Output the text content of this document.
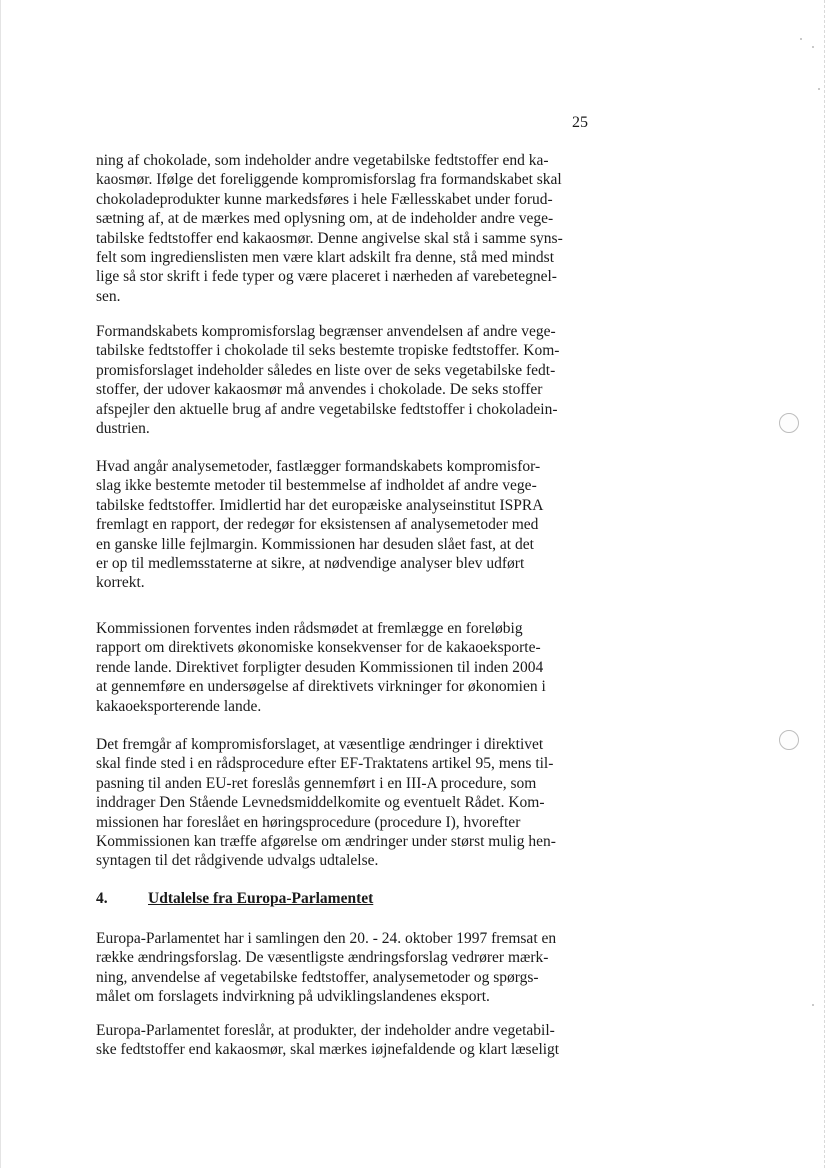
25
ning af chokolade, som indeholder andre vegetabilske fedtstoffer end ka-
kaosmør. Ifølge det foreliggende kompromisforslag fra formandskabet skal
chokoladeprodukter kunne markedsføres i hele Fællesskabet under forud-
sætning af, at de mærkes med oplysning om, at de indeholder andre vege-
tabilske fedtstoffer end kakaosmør. Denne angivelse skal stå i samme syns-
felt som ingredienslisten men være klart adskilt fra denne, stå med mindst
lige så stor skrift i fede typer og være placeret i nærheden af varebetegnel-
sen.
Formandskabets kompromisforslag begrænser anvendelsen af andre vege-
tabilske fedtstoffer i chokolade til seks bestemte tropiske fedtstoffer. Kom-
promisforslaget indeholder således en liste over de seks vegetabilske fedt-
stoffer, der udover kakaosmør må anvendes i chokolade. De seks stoffer
afspejler den aktuelle brug af andre vegetabilske fedtstoffer i chokoladein-
dustrien.
Hvad angår analysemetoder, fastlægger formandskabets kompromisfor-
slag ikke bestemte metoder til bestemmelse af indholdet af andre vege-
tabilske fedtstoffer. Imidlertid har det europæiske analyseinstitut ISPRA
fremlagt en rapport, der redegør for eksistensen af analysemetoder med
en ganske lille fejlmargin. Kommissionen har desuden slået fast, at det
er op til medlemsstaterne at sikre, at nødvendige analyser blev udført
korrekt.
Kommissionen forventes inden rådsmødet at fremlægge en foreløbig
rapport om direktivets økonomiske konsekvenser for de kakaoeksporte-
rende lande. Direktivet forpligter desuden Kommissionen til inden 2004
at gennemføre en undersøgelse af direktivets virkninger for økonomien i
kakaoeksporterende lande.
Det fremgår af kompromisforslaget, at væsentlige ændringer i direktivet
skal finde sted i en rådsprocedure efter EF-Traktatens artikel 95, mens til-
pasning til anden EU-ret foreslås gennemført i en III-A procedure, som
inddrager Den Stående Levnedsmiddelkomite og eventuelt Rådet. Kom-
missionen har foreslået en høringsprocedure (procedure I), hvorefter
Kommissionen kan træffe afgørelse om ændringer under størst mulig hen-
syntagen til det rådgivende udvalgs udtalelse.
4.	Udtalelse fra Europa-Parlamentet
Europa-Parlamentet har i samlingen den 20. - 24. oktober 1997 fremsat en
række ændringsforslag. De væsentligste ændringsforslag vedrører mærk-
ning, anvendelse af vegetabilske fedtstoffer, analysemetoder og spørgs-
målet om forslagets indvirkning på udviklingslandenes eksport.
Europa-Parlamentet foreslår, at produkter, der indeholder andre vegetabil-
ske fedtstoffer end kakaosmør, skal mærkes iøjnefaldende og klart læseligt
